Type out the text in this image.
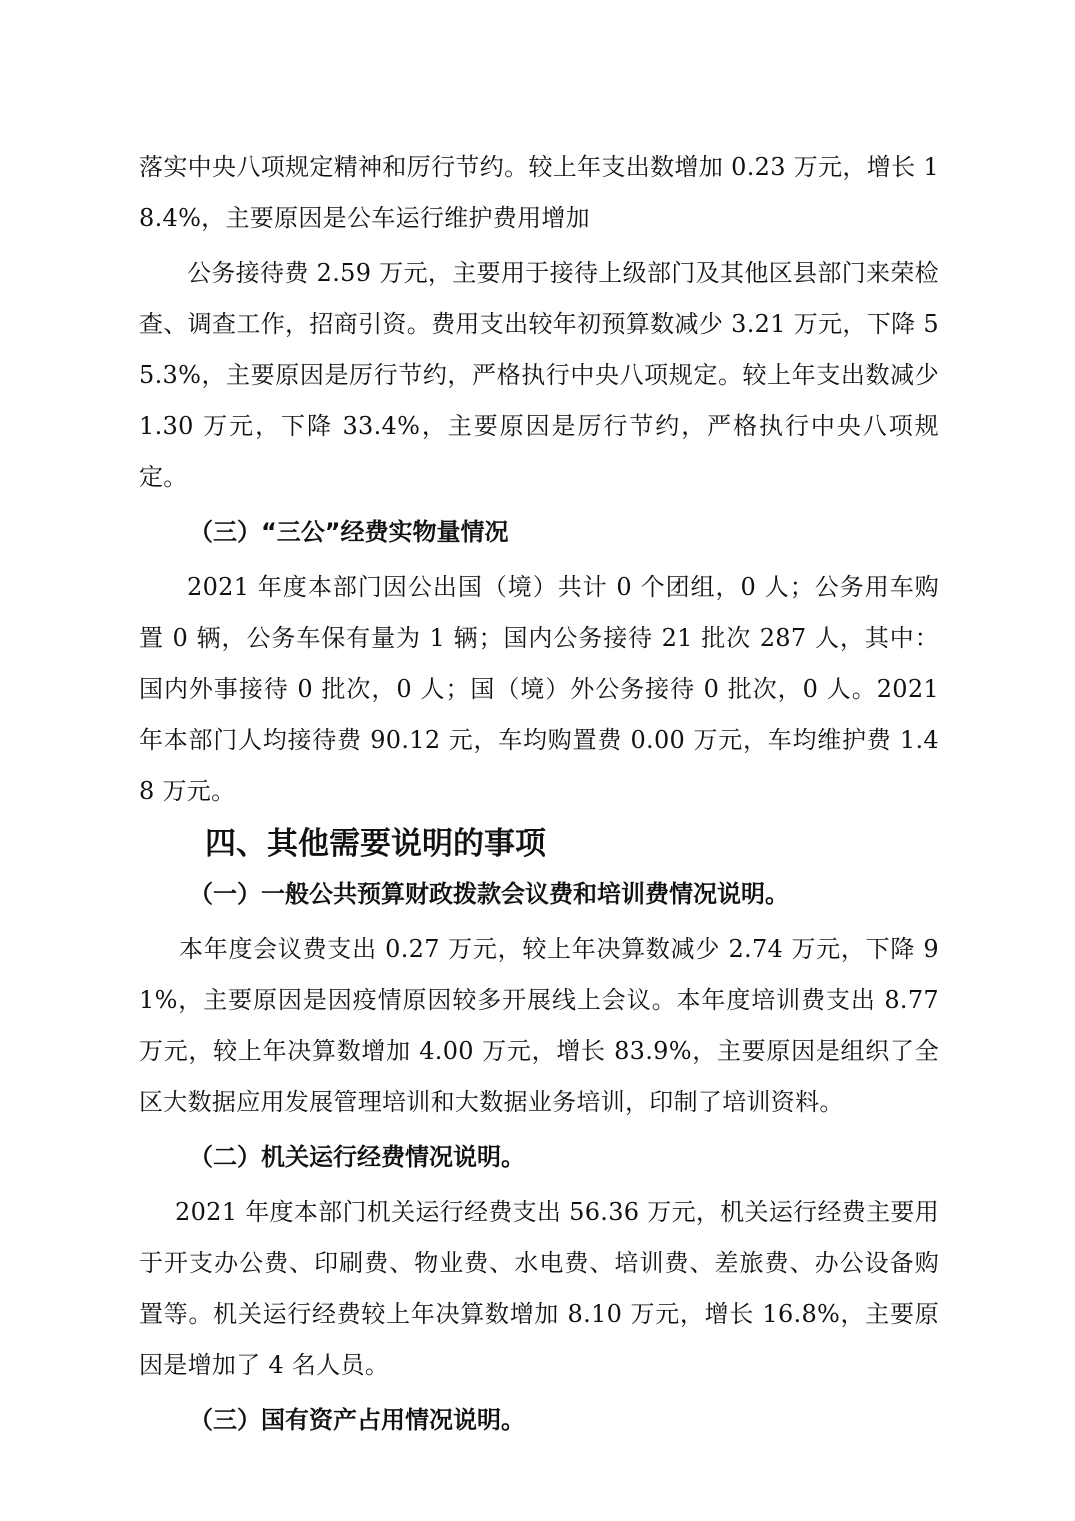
落实中央八项规定精神和厉行节约。较上年支出数增加 0.23 万元，增长 18.4%，主要原因是公车运行维护费用增加

公务接待费 2.59 万元，主要用于接待上级部门及其他区县部门来荣检查、调查工作，招商引资。费用支出较年初预算数减少 3.21 万元，下降 55.3%，主要原因是厉行节约，严格执行中央八项规定。较上年支出数减少 1.30 万元，下降 33.4%，主要原因是厉行节约，严格执行中央八项规定。

（三）“三公”经费实物量情况

2021 年度本部门因公出国（境）共计 0 个团组，0 人；公务用车购置 0 辆，公务车保有量为 1 辆；国内公务接待 21 批次 287 人，其中：国内外事接待 0 批次，0 人；国（境）外公务接待 0 批次，0 人。2021 年本部门人均接待费 90.12 元，车均购置费 0.00 万元，车均维护费 1.48 万元。

四、其他需要说明的事项

（一）一般公共预算财政拨款会议费和培训费情况说明。

本年度会议费支出 0.27 万元，较上年决算数减少 2.74 万元，下降 91%，主要原因是因疫情原因较多开展线上会议。本年度培训费支出 8.77 万元，较上年决算数增加 4.00 万元，增长 83.9%，主要原因是组织了全区大数据应用发展管理培训和大数据业务培训，印制了培训资料。

（二）机关运行经费情况说明。

2021 年度本部门机关运行经费支出 56.36 万元，机关运行经费主要用于开支办公费、印刷费、物业费、水电费、培训费、差旅费、办公设备购置等。机关运行经费较上年决算数增加 8.10 万元，增长 16.8%，主要原因是增加了 4 名人员。

（三）国有资产占用情况说明。
